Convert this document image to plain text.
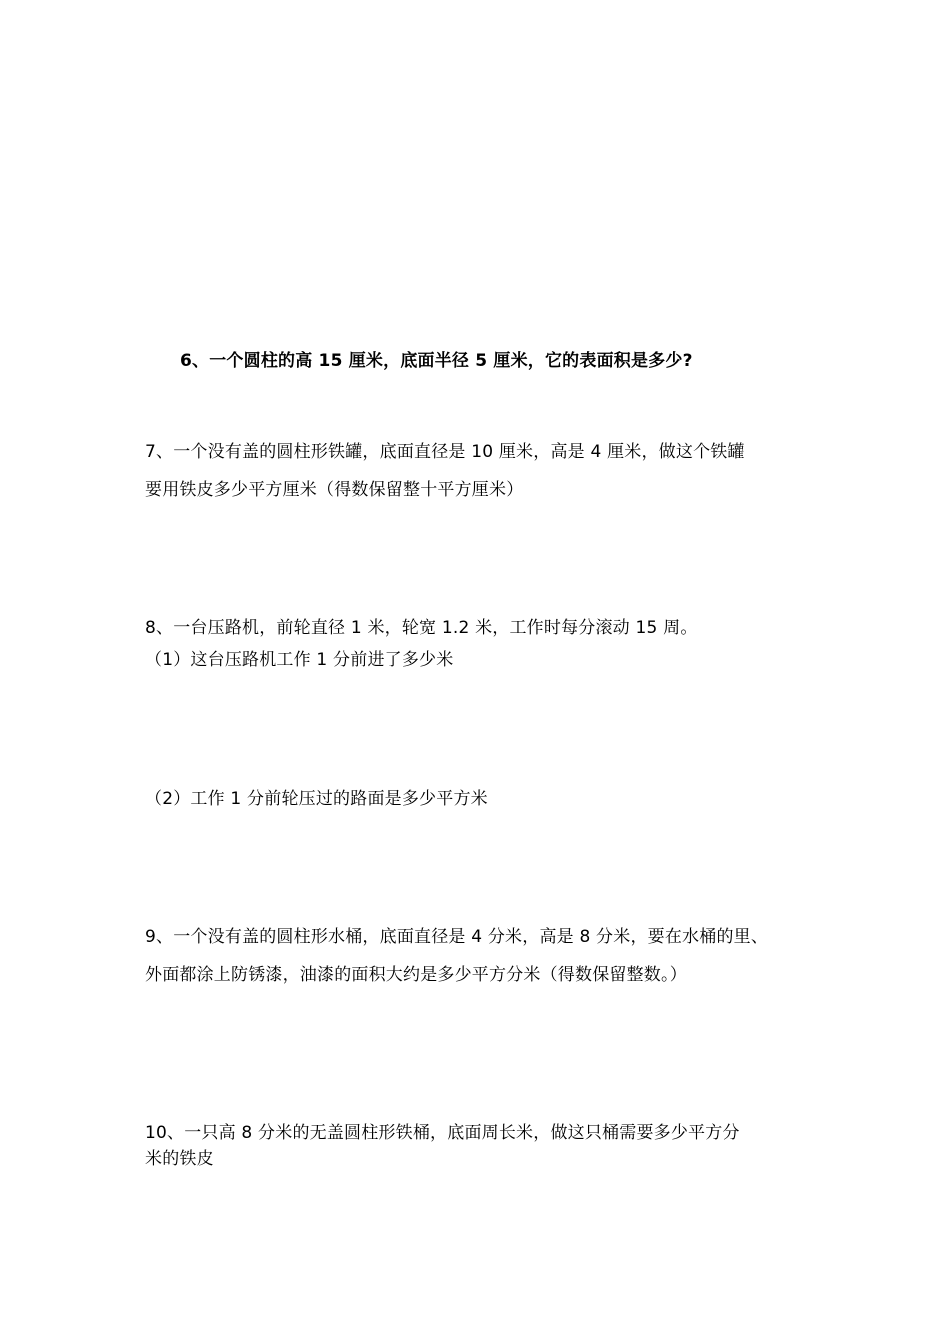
6、一个圆柱的高 15 厘米，底面半径 5 厘米，它的表面积是多少?
7、一个没有盖的圆柱形铁罐，底面直径是 10 厘米，高是 4 厘米，做这个铁罐
要用铁皮多少平方厘米（得数保留整十平方厘米）
8、一台压路机，前轮直径 1 米，轮宽 1.2 米，工作时每分滚动 15 周。
（1）这台压路机工作 1 分前进了多少米
（2）工作 1 分前轮压过的路面是多少平方米
9、一个没有盖的圆柱形水桶，底面直径是 4 分米，高是 8 分米，要在水桶的里、
外面都涂上防锈漆，油漆的面积大约是多少平方分米（得数保留整数。）
10、一只高 8 分米的无盖圆柱形铁桶，底面周长米，做这只桶需要多少平方分
米的铁皮
